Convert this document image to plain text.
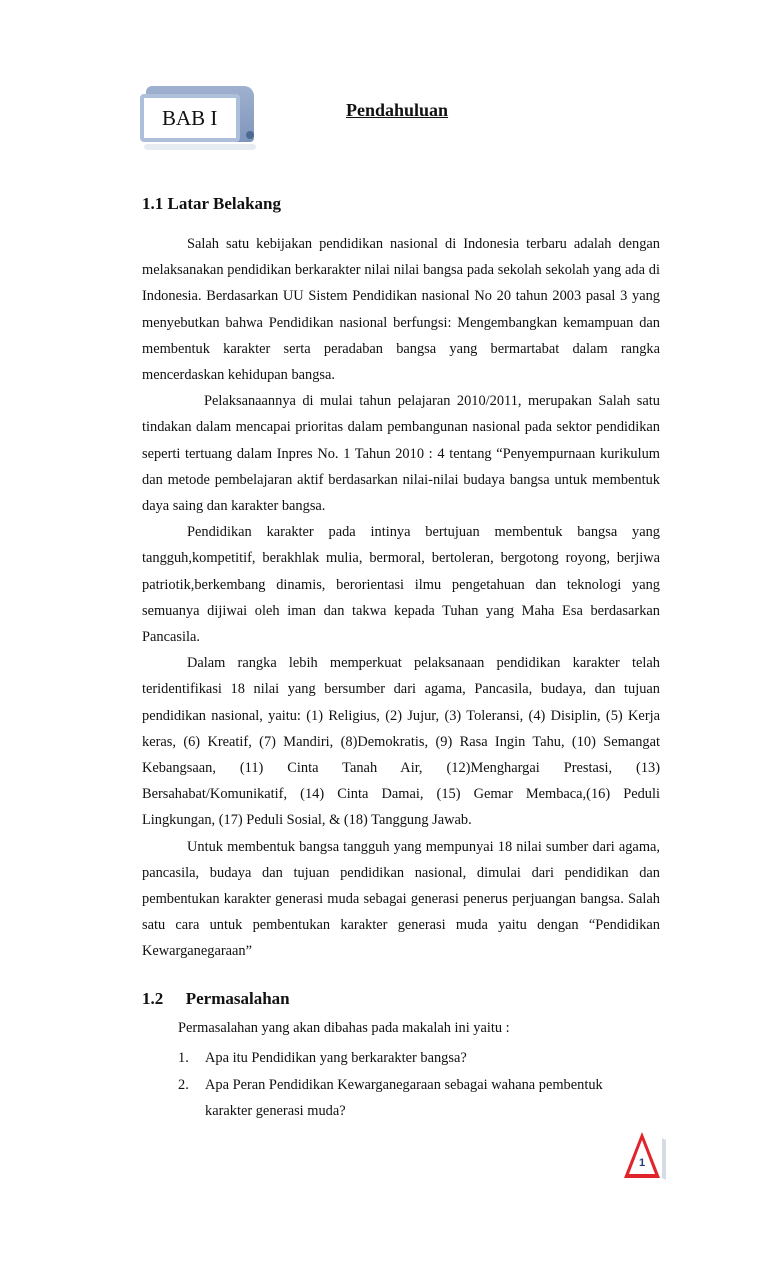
BAB I	Pendahuluan
1.1 Latar Belakang

Salah satu kebijakan pendidikan nasional di Indonesia terbaru adalah dengan melaksanakan pendidikan berkarakter nilai nilai bangsa pada sekolah sekolah yang ada di Indonesia. Berdasarkan UU Sistem Pendidikan nasional No 20 tahun 2003 pasal 3 yang menyebutkan bahwa Pendidikan nasional berfungsi: Mengembangkan kemampuan dan membentuk karakter serta peradaban bangsa yang bermartabat dalam rangka mencerdaskan kehidupan bangsa.

Pelaksanaannya di mulai tahun pelajaran 2010/2011, merupakan Salah satu tindakan dalam mencapai prioritas dalam pembangunan nasional pada sektor pendidikan seperti tertuang dalam Inpres No. 1 Tahun 2010 : 4 tentang “Penyempurnaan kurikulum dan metode pembelajaran aktif berdasarkan nilai-nilai budaya bangsa untuk membentuk daya saing dan karakter bangsa.

Pendidikan karakter pada intinya bertujuan membentuk bangsa yang tangguh,kompetitif, berakhlak mulia, bermoral, bertoleran, bergotong royong, berjiwa patriotik,berkembang dinamis, berorientasi ilmu pengetahuan dan teknologi yang semuanya dijiwai oleh iman dan takwa kepada Tuhan yang Maha Esa berdasarkan Pancasila.

Dalam rangka lebih memperkuat pelaksanaan pendidikan karakter telah teridentifikasi 18 nilai yang bersumber dari agama, Pancasila, budaya, dan tujuan pendidikan nasional, yaitu: (1) Religius, (2) Jujur, (3) Toleransi, (4) Disiplin, (5) Kerja keras, (6) Kreatif, (7) Mandiri, (8)Demokratis, (9) Rasa Ingin Tahu, (10) Semangat Kebangsaan, (11) Cinta Tanah Air, (12)Menghargai Prestasi, (13) Bersahabat/Komunikatif, (14) Cinta Damai, (15) Gemar Membaca,(16) Peduli Lingkungan, (17) Peduli Sosial, & (18) Tanggung Jawab.

Untuk membentuk bangsa tangguh yang mempunyai 18 nilai sumber dari agama, pancasila, budaya dan tujuan pendidikan nasional, dimulai dari pendidikan dan pembentukan karakter generasi muda sebagai generasi penerus perjuangan bangsa. Salah satu cara untuk pembentukan karakter generasi muda yaitu dengan “Pendidikan Kewarganegaraan”

1.2 Permasalahan
Permasalahan yang akan dibahas pada makalah ini yaitu :
1. Apa itu Pendidikan yang berkarakter bangsa?
2. Apa Peran Pendidikan Kewarganegaraan sebagai wahana pembentuk karakter generasi muda?
1
